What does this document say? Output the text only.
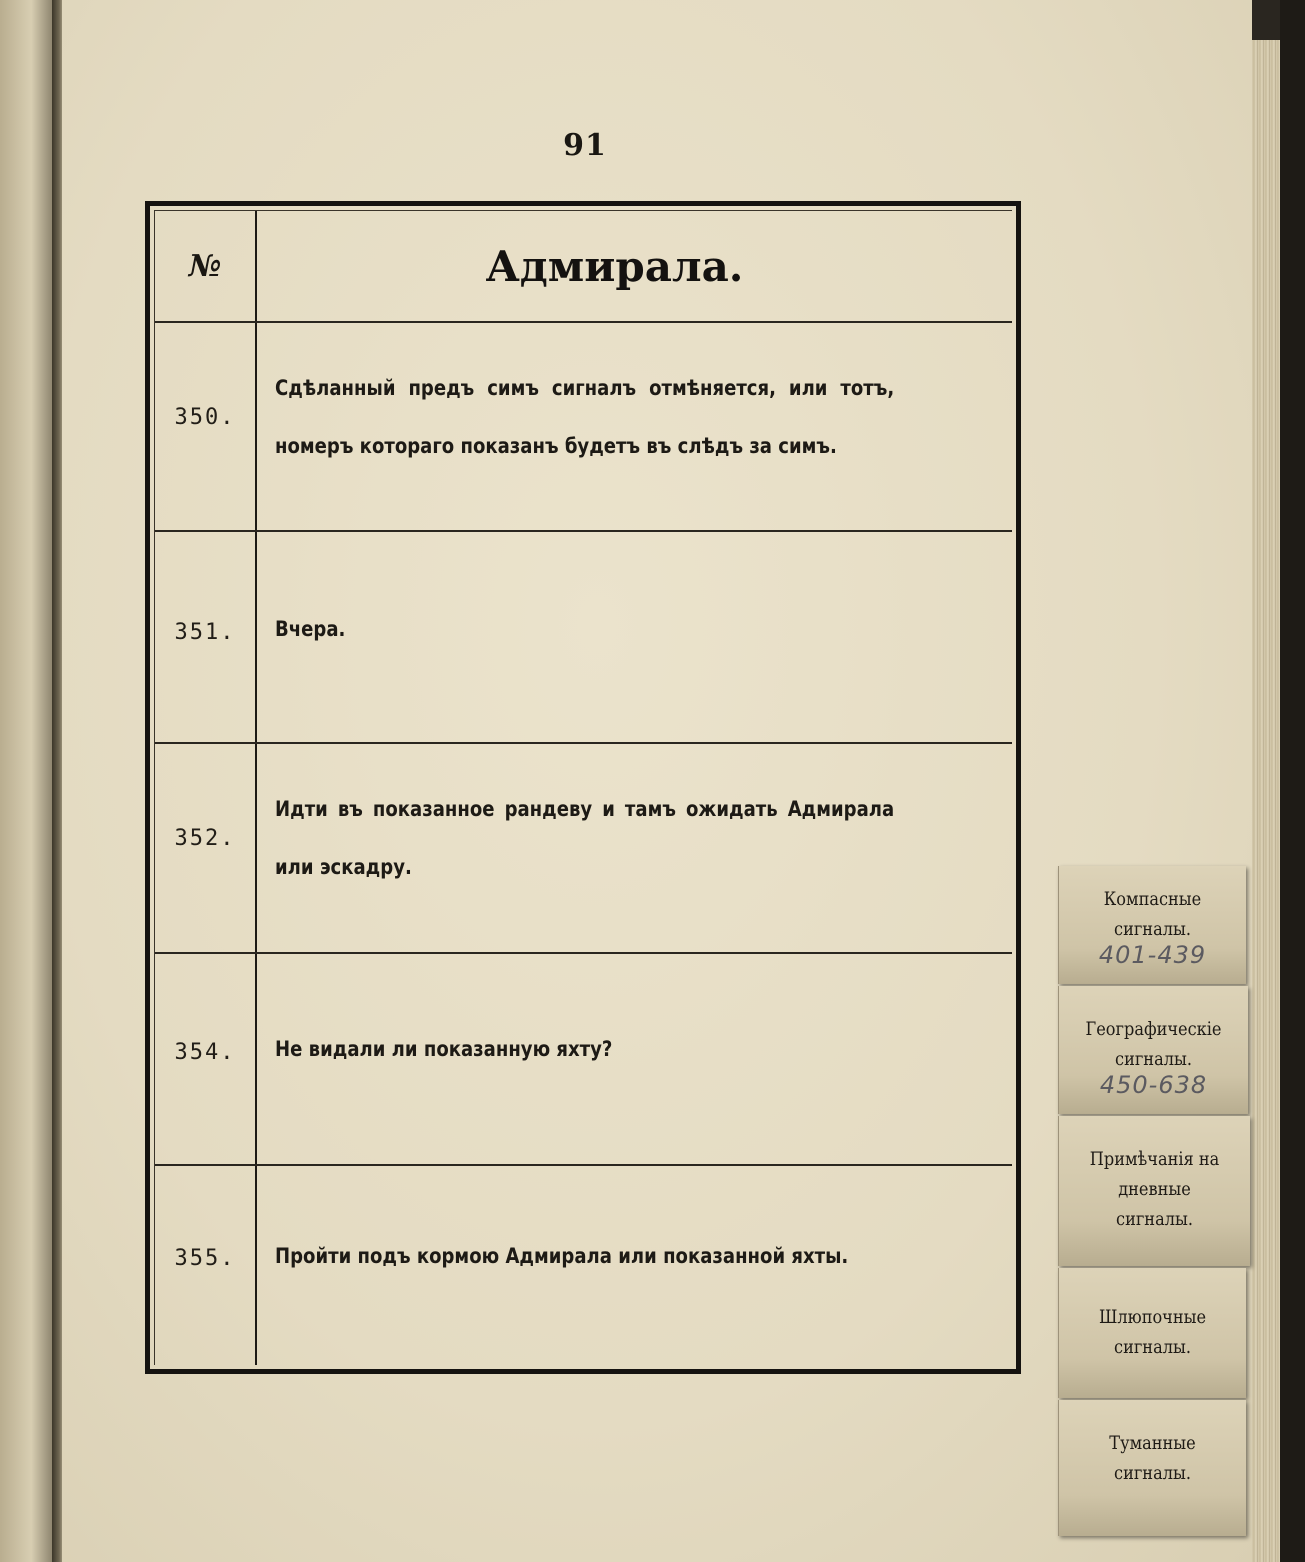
91
№	Адмирала.
350.
Сдѣланный предъ симъ сигналъ отмѣняется, или тотъ, номеръ котораго показанъ будетъ въ слѣдъ за симъ.
351.	Вчера.
352.
Идти въ показанное рандеву и тамъ ожидать Адмирала или эскадру.
354.	Не видали ли показанную яхту?
355.	Пройти подъ кормою Адмирала или показанной яхты.
Компасные
сигналы.
401-439
Географическіе
сигналы.
450-638
Примѣчанія на
дневные
сигналы.
Шлюпочные
сигналы.
Туманные
сигналы.
